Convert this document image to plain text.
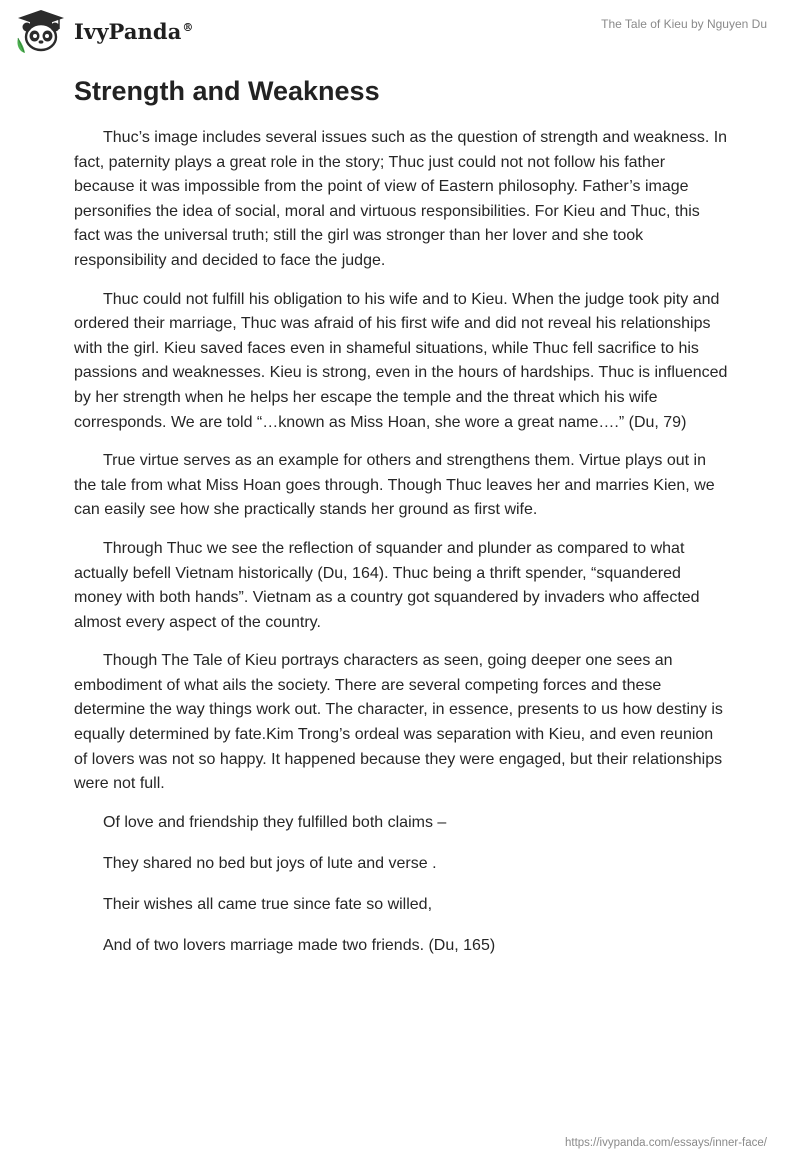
IvyPanda®	The Tale of Kieu by Nguyen Du
Strength and Weakness

Thuc’s image includes several issues such as the question of strength and weakness. In fact, paternity plays a great role in the story; Thuc just could not not follow his father because it was impossible from the point of view of Eastern philosophy. Father’s image personifies the idea of social, moral and virtuous responsibilities. For Kieu and Thuc, this fact was the universal truth; still the girl was stronger than her lover and she took responsibility and decided to face the judge.

Thuc could not fulfill his obligation to his wife and to Kieu. When the judge took pity and ordered their marriage, Thuc was afraid of his first wife and did not reveal his relationships with the girl. Kieu saved faces even in shameful situations, while Thuc fell sacrifice to his passions and weaknesses. Kieu is strong, even in the hours of hardships. Thuc is influenced by her strength when he helps her escape the temple and the threat which his wife corresponds. We are told “…known as Miss Hoan, she wore a great name….” (Du, 79)

True virtue serves as an example for others and strengthens them. Virtue plays out in the tale from what Miss Hoan goes through. Though Thuc leaves her and marries Kien, we can easily see how she practically stands her ground as first wife.

Through Thuc we see the reflection of squander and plunder as compared to what actually befell Vietnam historically (Du, 164). Thuc being a thrift spender, “squandered money with both hands”. Vietnam as a country got squandered by invaders who affected almost every aspect of the country.

Though The Tale of Kieu portrays characters as seen, going deeper one sees an embodiment of what ails the society. There are several competing forces and these determine the way things work out. The character, in essence, presents to us how destiny is equally determined by fate.Kim Trong’s ordeal was separation with Kieu, and even reunion of lovers was not so happy. It happened because they were engaged, but their relationships were not full.

Of love and friendship they fulfilled both claims –

They shared no bed but joys of lute and verse .

Their wishes all came true since fate so willed,

And of two lovers marriage made two friends. (Du, 165)

https://ivypanda.com/essays/inner-face/
